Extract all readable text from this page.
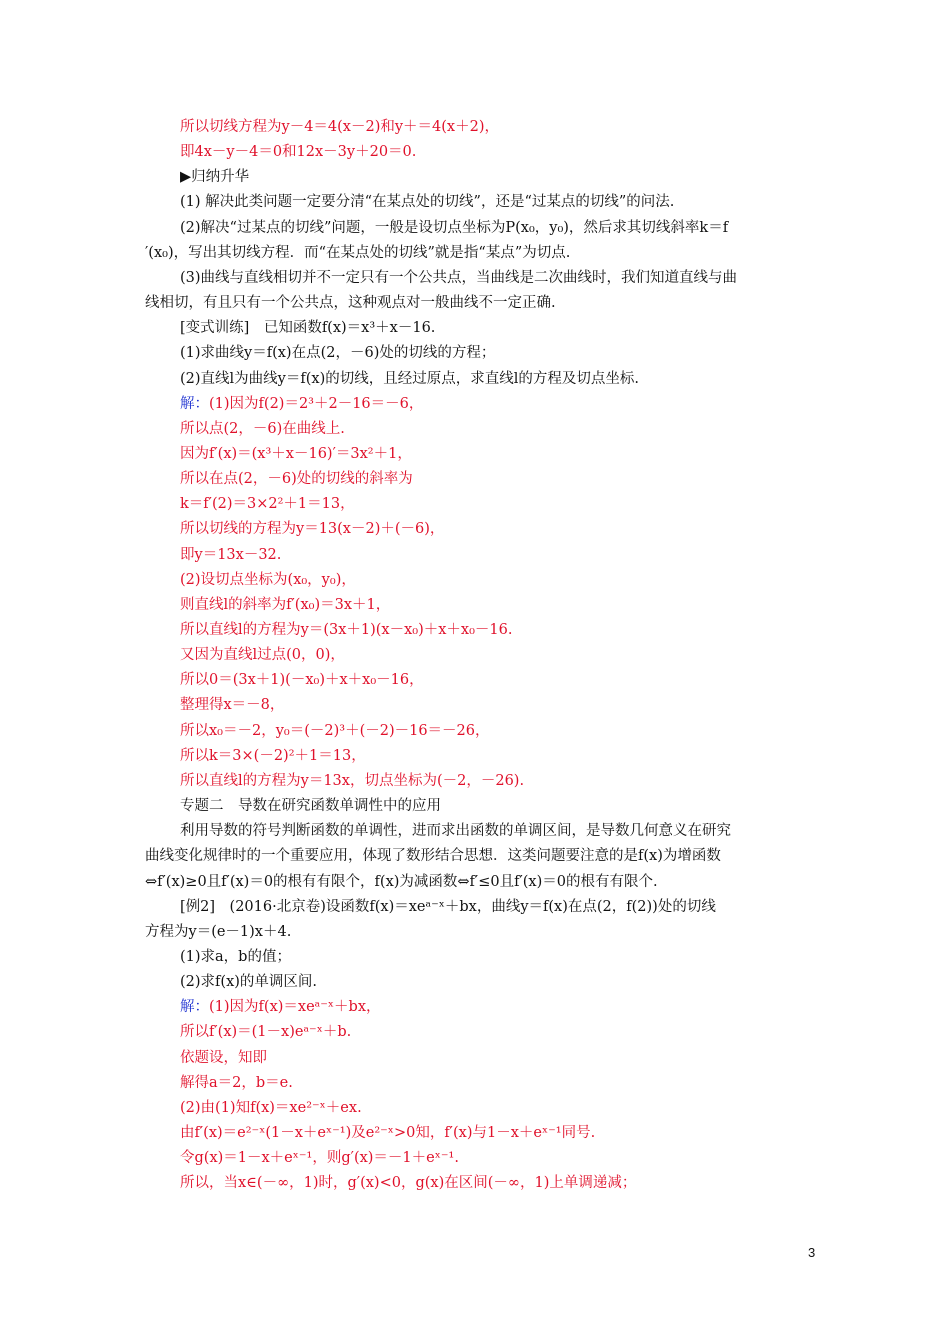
所以切线方程为y－4＝4(x－2)和y＋＝4(x＋2)，
即4x－y－4＝0和12x－3y＋20＝0.
▶归纳升华
(1) 解决此类问题一定要分清“在某点处的切线”，还是“过某点的切线”的问法.
(2)解决“过某点的切线”问题，一般是设切点坐标为P(x₀，y₀)，然后求其切线斜率k＝f
′(x₀)，写出其切线方程．而“在某点处的切线”就是指“某点”为切点.
(3)曲线与直线相切并不一定只有一个公共点，当曲线是二次曲线时，我们知道直线与曲
线相切，有且只有一个公共点，这种观点对一般曲线不一定正确.
[变式训练]　已知函数f(x)＝x³＋x－16.
(1)求曲线y＝f(x)在点(2，－6)处的切线的方程；
(2)直线l为曲线y＝f(x)的切线，且经过原点，求直线l的方程及切点坐标.
解：(1)因为f(2)＝2³＋2－16＝－6，
所以点(2，－6)在曲线上.
因为f′(x)＝(x³＋x－16)′＝3x²＋1，
所以在点(2，－6)处的切线的斜率为
k＝f′(2)＝3×2²＋1＝13，
所以切线的方程为y＝13(x－2)＋(－6)，
即y＝13x－32.
(2)设切点坐标为(x₀，y₀)，
则直线l的斜率为f′(x₀)＝3x＋1，
所以直线l的方程为y＝(3x＋1)(x－x₀)＋x＋x₀－16.
又因为直线l过点(0，0)，
所以0＝(3x＋1)(－x₀)＋x＋x₀－16，
整理得x＝－8，
所以x₀＝－2，y₀＝(－2)³＋(－2)－16＝－26，
所以k＝3×(－2)²＋1＝13，
所以直线l的方程为y＝13x，切点坐标为(－2，－26).
专题二　导数在研究函数单调性中的应用
利用导数的符号判断函数的单调性，进而求出函数的单调区间，是导数几何意义在研究
曲线变化规律时的一个重要应用，体现了数形结合思想．这类问题要注意的是f(x)为增函数
⇔f′(x)≥0且f′(x)＝0的根有有限个，f(x)为减函数⇔f′≤0且f′(x)＝0的根有有限个.
[例2]　(2016·北京卷)设函数f(x)＝xeᵃ⁻ˣ＋bx，曲线y＝f(x)在点(2，f(2))处的切线
方程为y＝(e－1)x＋4.
(1)求a，b的值；
(2)求f(x)的单调区间.
解：(1)因为f(x)＝xeᵃ⁻ˣ＋bx，
所以f′(x)＝(1－x)eᵃ⁻ˣ＋b.
依题设，知即
解得a＝2，b＝e.
(2)由(1)知f(x)＝xe²⁻ˣ＋ex.
由f′(x)＝e²⁻ˣ(1－x＋eˣ⁻¹)及e²⁻ˣ>0知，f′(x)与1－x＋eˣ⁻¹同号.
令g(x)＝1－x＋eˣ⁻¹，则g′(x)＝－1＋eˣ⁻¹.
所以，当x∈(－∞，1)时，g′(x)<0，g(x)在区间(－∞，1)上单调递减；
3
